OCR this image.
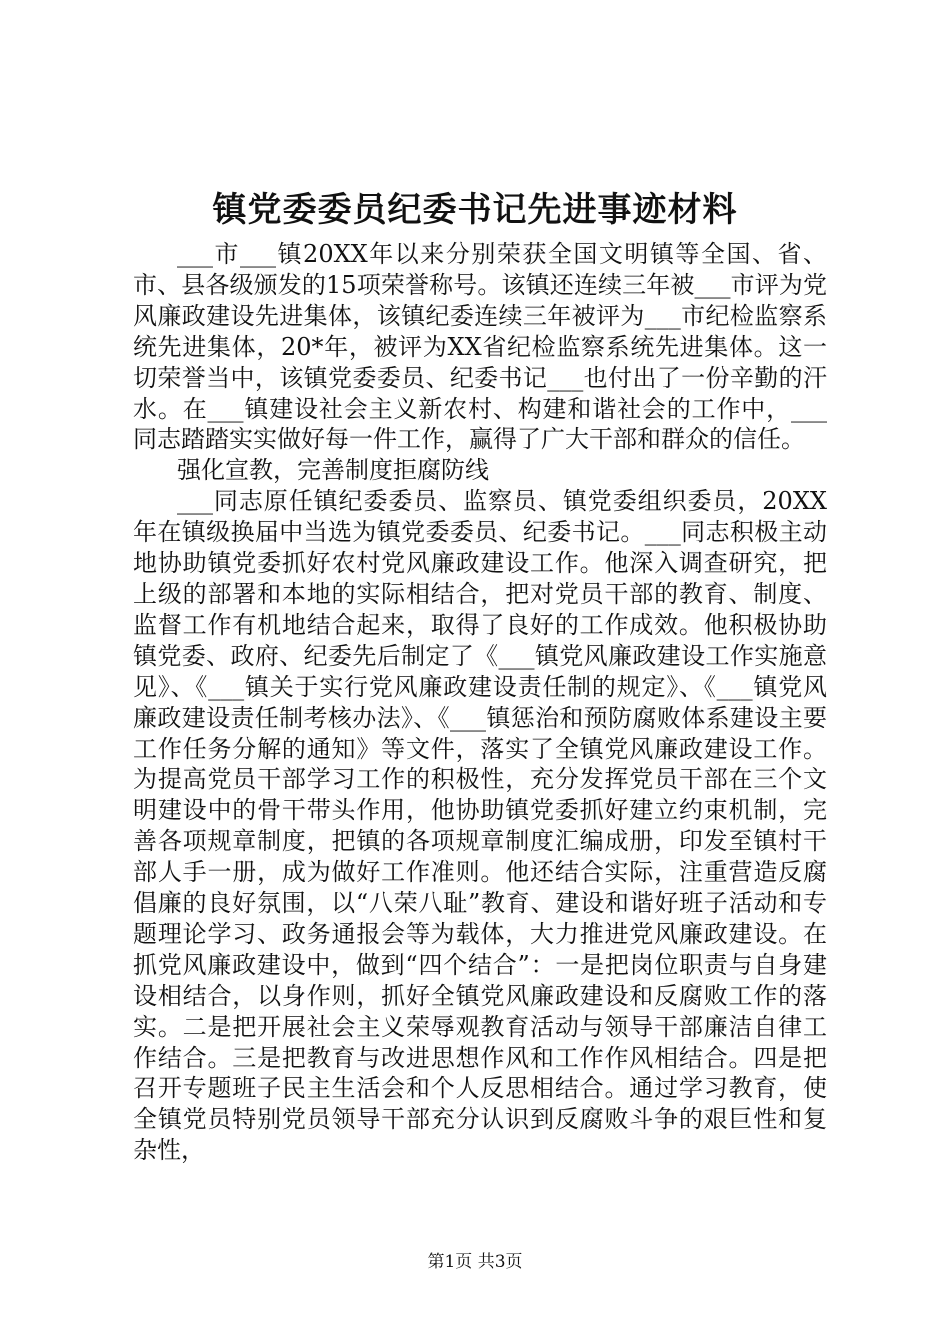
镇党委委员纪委书记先进事迹材料

___市___镇20XX年以来分别荣获全国文明镇等全国、省、市、县各级颁发的15项荣誉称号。该镇还连续三年被___市评为党风廉政建设先进集体，该镇纪委连续三年被评为___市纪检监察系统先进集体，20*年，被评为XX省纪检监察系统先进集体。这一切荣誉当中，该镇党委委员、纪委书记___也付出了一份辛勤的汗水。在___镇建设社会主义新农村、构建和谐社会的工作中，___同志踏踏实实做好每一件工作，赢得了广大干部和群众的信任。

强化宣教，完善制度拒腐防线

___同志原任镇纪委委员、监察员、镇党委组织委员，20XX年在镇级换届中当选为镇党委委员、纪委书记。___同志积极主动地协助镇党委抓好农村党风廉政建设工作。他深入调查研究，把上级的部署和本地的实际相结合，把对党员干部的教育、制度、监督工作有机地结合起来，取得了良好的工作成效。他积极协助镇党委、政府、纪委先后制定了《___镇党风廉政建设工作实施意见》、《___镇关于实行党风廉政建设责任制的规定》、《___镇党风廉政建设责任制考核办法》、《___镇惩治和预防腐败体系建设主要工作任务分解的通知》等文件，落实了全镇党风廉政建设工作。为提高党员干部学习工作的积极性，充分发挥党员干部在三个文明建设中的骨干带头作用，他协助镇党委抓好建立约束机制，完善各项规章制度，把镇的各项规章制度汇编成册，印发至镇村干部人手一册，成为做好工作准则。他还结合实际，注重营造反腐倡廉的良好氛围，以“八荣八耻”教育、建设和谐好班子活动和专题理论学习、政务通报会等为载体，大力推进党风廉政建设。在抓党风廉政建设中，做到“四个结合”：一是把岗位职责与自身建设相结合，以身作则，抓好全镇党风廉政建设和反腐败工作的落实。二是把开展社会主义荣辱观教育活动与领导干部廉洁自律工作结合。三是把教育与改进思想作风和工作作风相结合。四是把召开专题班子民主生活会和个人反思相结合。通过学习教育，使全镇党员特别党员领导干部充分认识到反腐败斗争的艰巨性和复杂性，

第1页 共3页
